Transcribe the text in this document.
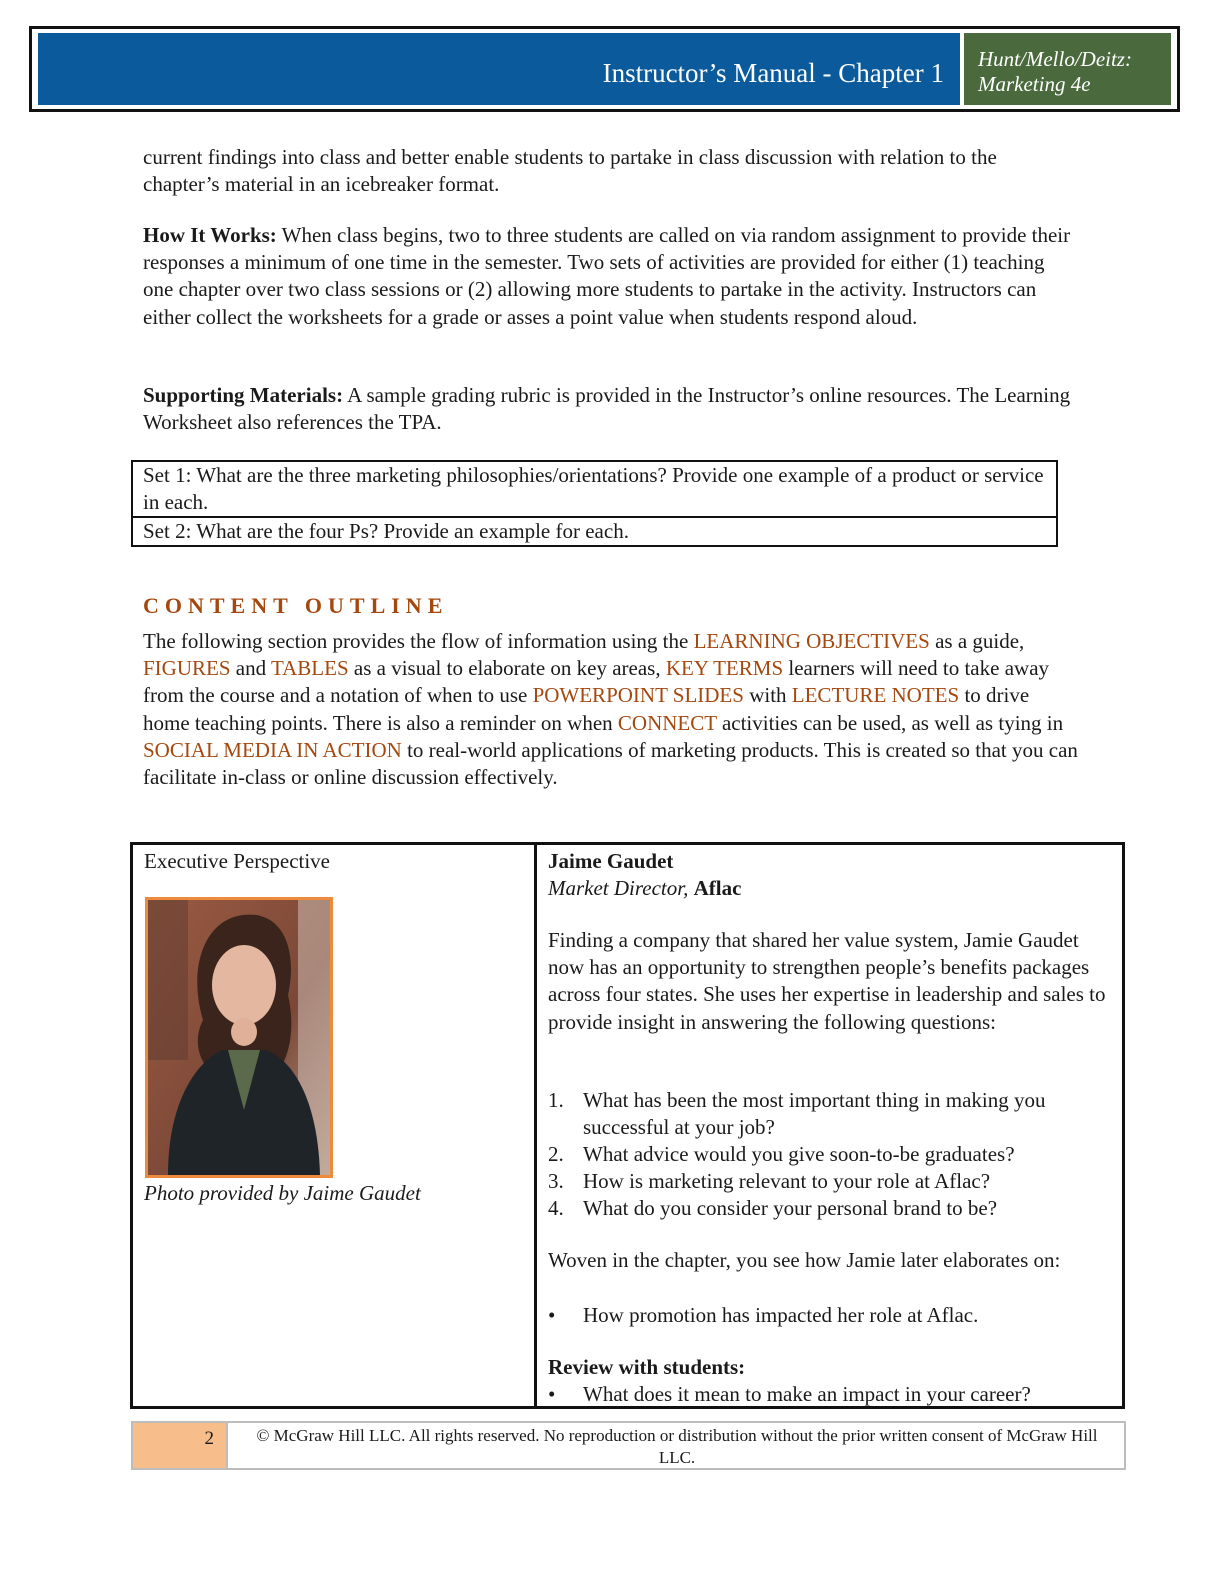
Instructor’s Manual - Chapter 1 Hunt/Mello/Deitz:
Marketing 4e

current findings into class and better enable students to partake in class discussion with relation to the chapter’s material in an icebreaker format.

How It Works: When class begins, two to three students are called on via random assignment to provide their responses a minimum of one time in the semester. Two sets of activities are provided for either (1) teaching one chapter over two class sessions or (2) allowing more students to partake in the activity. Instructors can either collect the worksheets for a grade or asses a point value when students respond aloud.

Supporting Materials: A sample grading rubric is provided in the Instructor’s online resources. The Learning Worksheet also references the TPA.

Set 1: What are the three marketing philosophies/orientations? Provide one example of a product or service in each.
Set 2: What are the four Ps? Provide an example for each.
CONTENT OUTLINE

The following section provides the flow of information using the LEARNING OBJECTIVES as a guide, FIGURES and TABLES as a visual to elaborate on key areas, KEY TERMS learners will need to take away from the course and a notation of when to use POWERPOINT SLIDES with LECTURE NOTES to drive home teaching points. There is also a reminder on when CONNECT activities can be used, as well as tying in SOCIAL MEDIA IN ACTION to real-world applications of marketing products. This is created so that you can facilitate in-class or online discussion effectively.

Executive Perspective
Photo provided by Jaime Gaudet
Jaime Gaudet
Market Director, Aflac
Finding a company that shared her value system, Jamie Gaudet now has an opportunity to strengthen people’s benefits packages across four states. She uses her expertise in leadership and sales to provide insight in answering the following questions:
1. What has been the most important thing in making you successful at your job?
2. What advice would you give soon-to-be graduates?
3. How is marketing relevant to your role at Aflac?
4. What do you consider your personal brand to be?
Woven in the chapter, you see how Jamie later elaborates on:
• How promotion has impacted her role at Aflac.
Review with students:
• What does it mean to make an impact in your career?
2	© McGraw Hill LLC. All rights reserved. No reproduction or distribution without the prior written consent of McGraw Hill LLC.
